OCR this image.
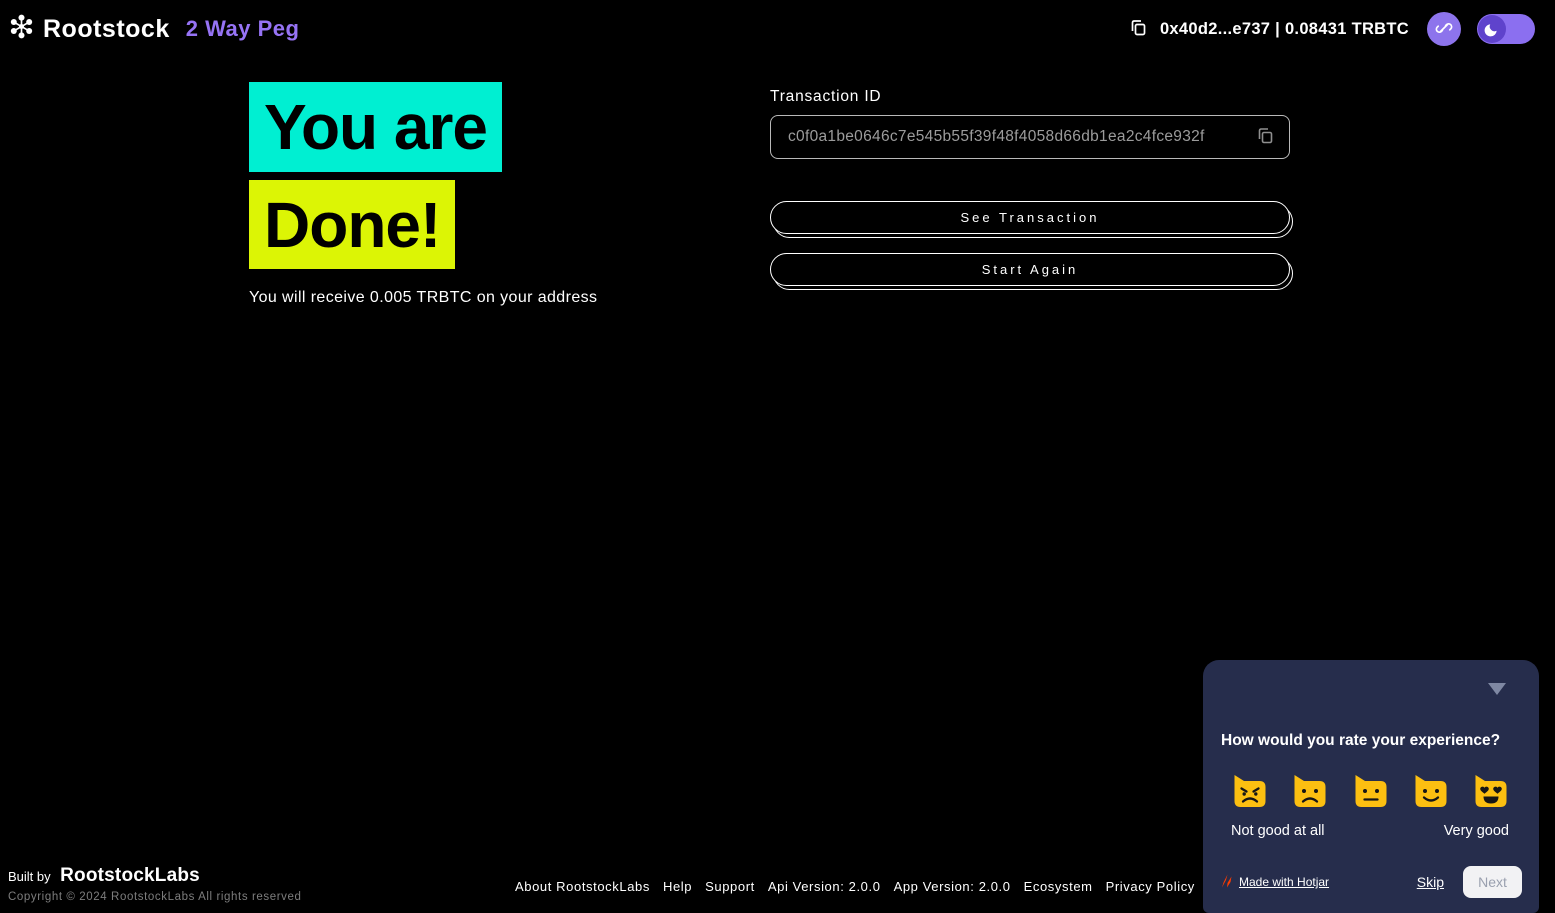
Rootstock 2 Way Peg	0x40d2...e737 | 0.08431 TRBTC
You are
Done!
You will receive 0.005 TRBTC on your address
Transaction ID
c0f0a1be0646c7e545b55f39f48f4058d66db1ea2c4fce932f
See Transaction
Start Again
Built by RootstockLabs
Copyright © 2024 RootstockLabs All rights reserved
About RootstockLabs Help Support Api Version: 2.0.0 App Version: 2.0.0 Ecosystem Privacy Policy
How would you rate your experience?
Not good at all	Very good
Made with Hotjar	Skip	Next
